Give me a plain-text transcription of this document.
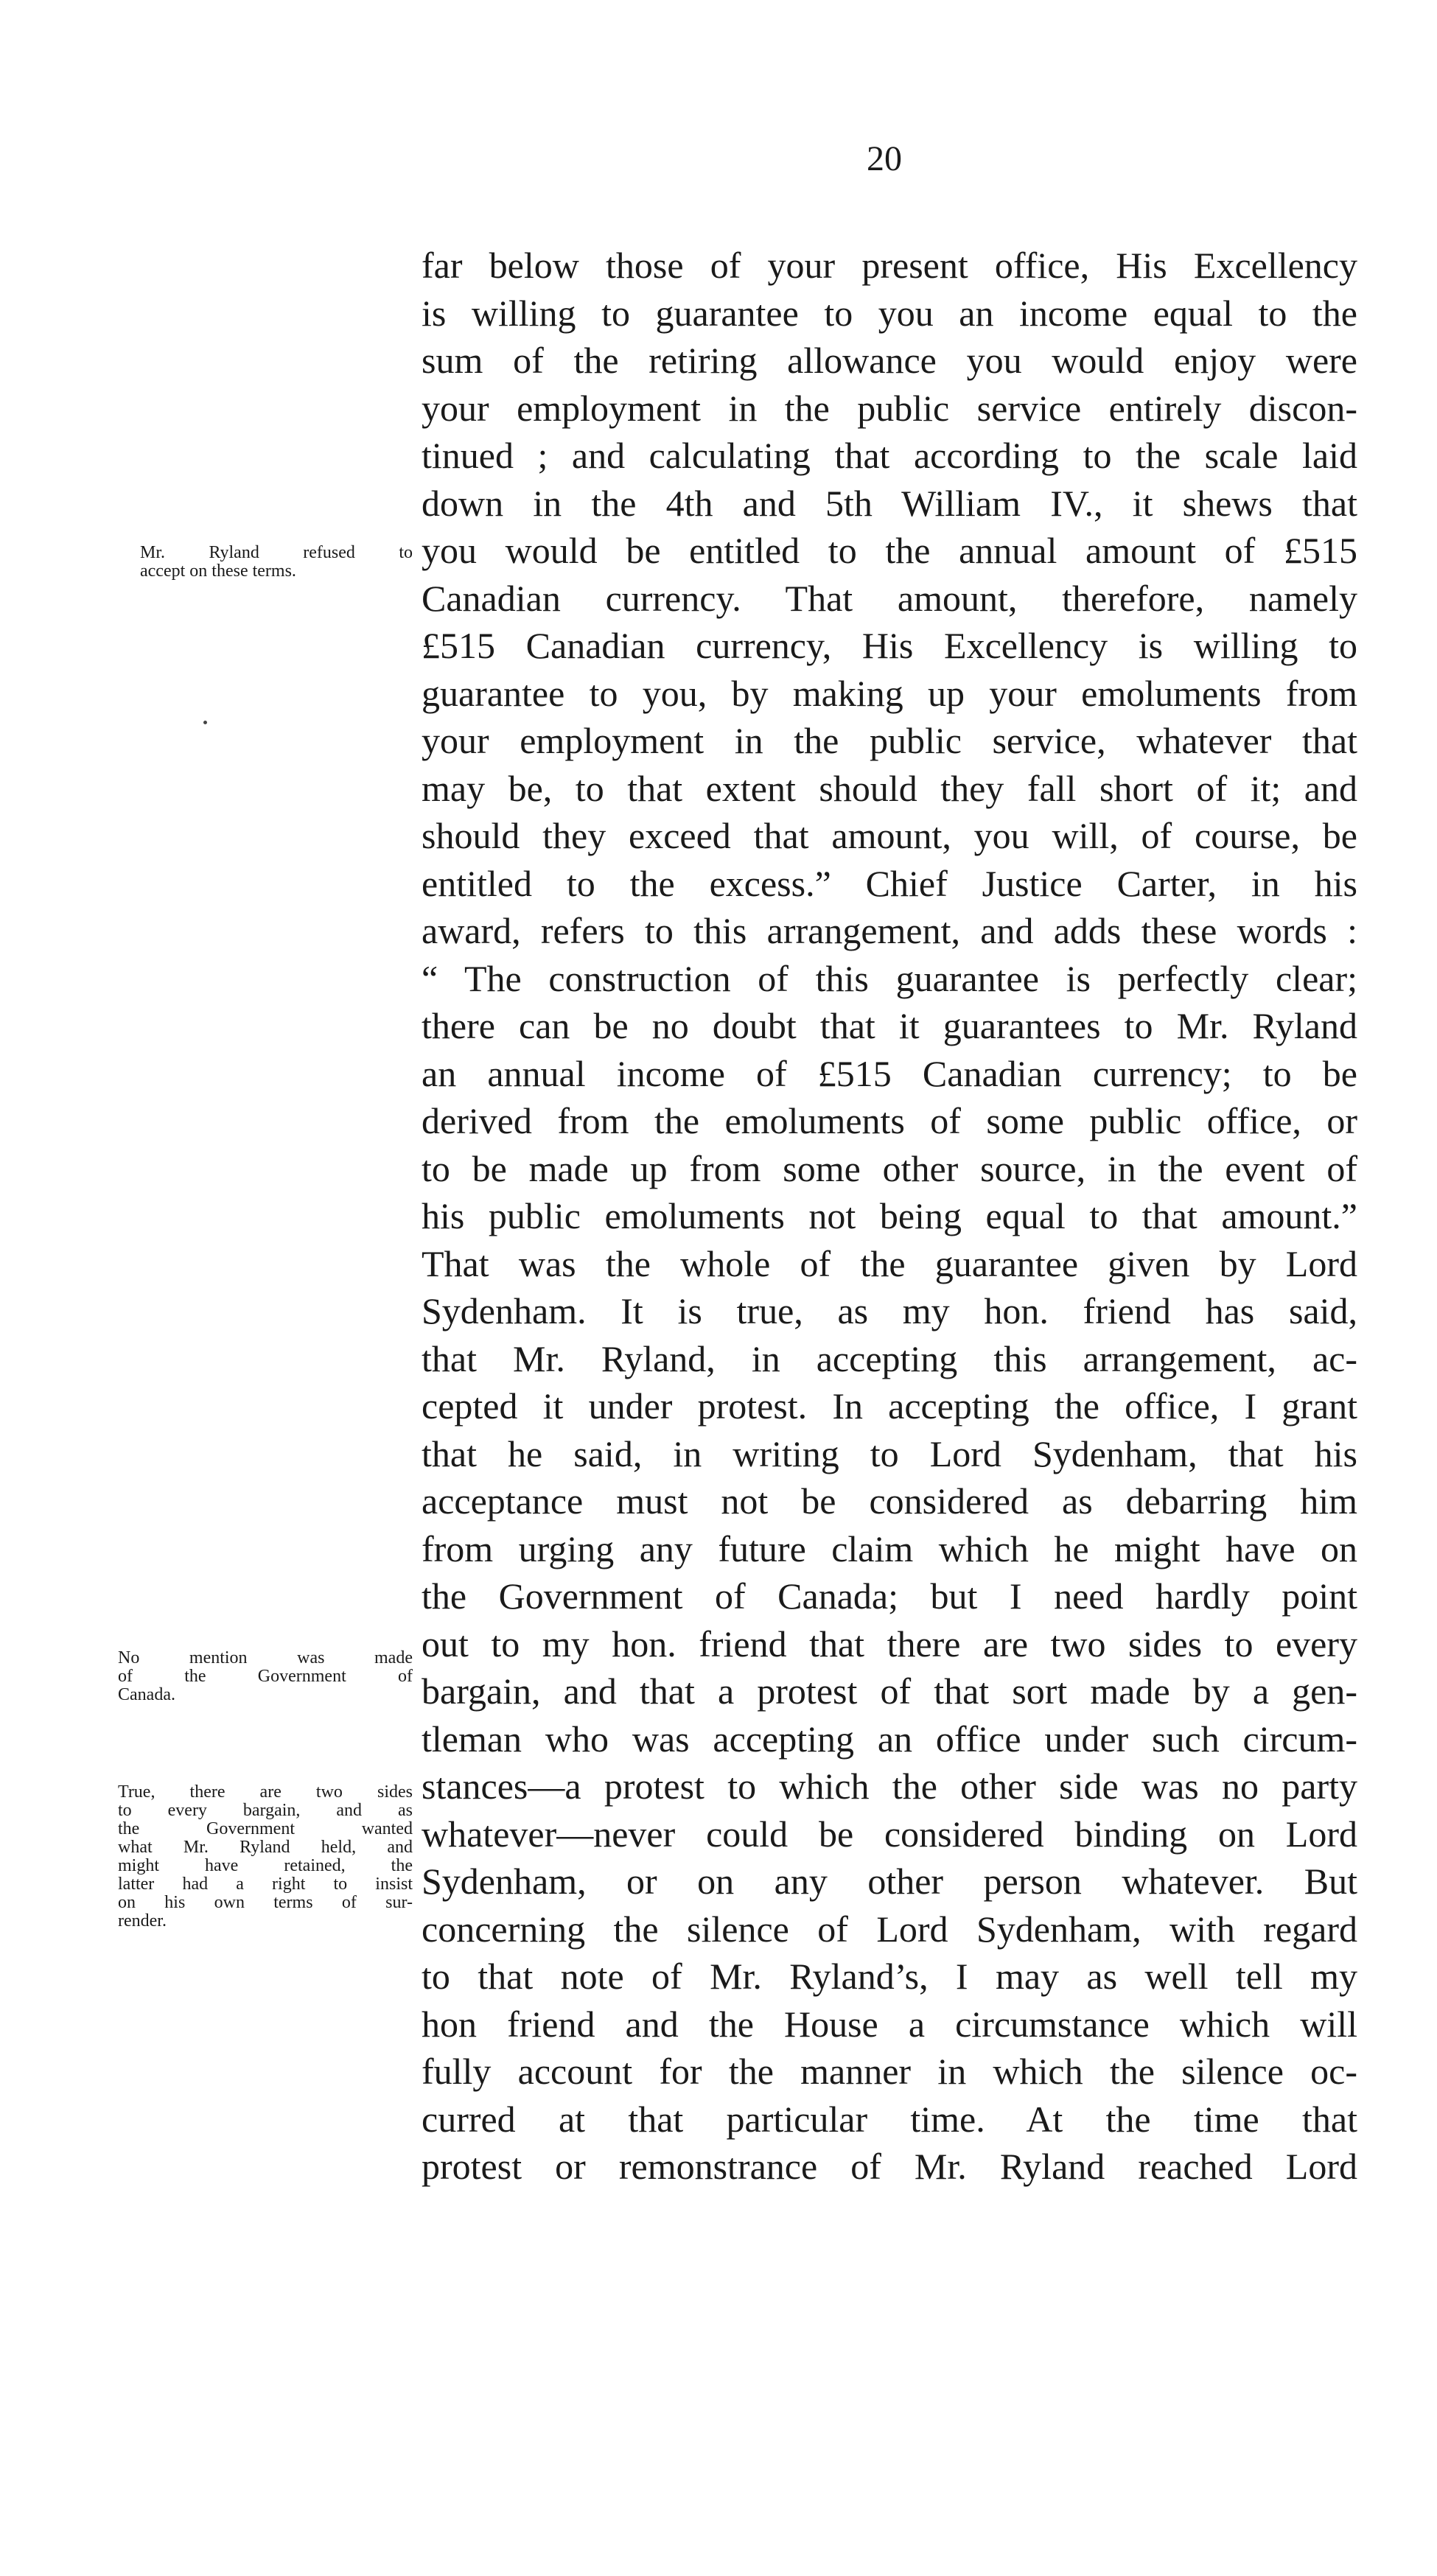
20
Mr. Ryland refused to
accept on these terms.
No mention was made
of the Government of
Canada.
True, there are two sides
to every bargain, and as
the Government wanted
what Mr. Ryland held, and
might have retained, the
latter had a right to insist
on his own terms of sur-
render.
far below those of your present office, His Excellency
is willing to guarantee to you an income equal to the
sum of the retiring allowance you would enjoy were
your employment in the public service entirely discon-
tinued ; and calculating that according to the scale laid
down in the 4th and 5th William IV., it shews that
you would be entitled to the annual amount of £515
Canadian currency. That amount, therefore, namely
£515 Canadian currency, His Excellency is willing to
guarantee to you, by making up your emoluments from
your employment in the public service, whatever that
may be, to that extent should they fall short of it; and
should they exceed that amount, you will, of course, be
entitled to the excess.” Chief Justice Carter, in his
award, refers to this arrangement, and adds these words :
“ The construction of this guarantee is perfectly clear;
there can be no doubt that it guarantees to Mr. Ryland
an annual income of £515 Canadian currency; to be
derived from the emoluments of some public office, or
to be made up from some other source, in the event of
his public emoluments not being equal to that amount.”
That was the whole of the guarantee given by Lord
Sydenham. It is true, as my hon. friend has said,
that Mr. Ryland, in accepting this arrangement, ac-
cepted it under protest. In accepting the office, I grant
that he said, in writing to Lord Sydenham, that his
acceptance must not be considered as debarring him
from urging any future claim which he might have on
the Government of Canada; but I need hardly point
out to my hon. friend that there are two sides to every
bargain, and that a protest of that sort made by a gen-
tleman who was accepting an office under such circum-
stances—a protest to which the other side was no party
whatever—never could be considered binding on Lord
Sydenham, or on any other person whatever. But
concerning the silence of Lord Sydenham, with regard
to that note of Mr. Ryland’s, I may as well tell my
hon friend and the House a circumstance which will
fully account for the manner in which the silence oc-
curred at that particular time. At the time that
protest or remonstrance of Mr. Ryland reached Lord
